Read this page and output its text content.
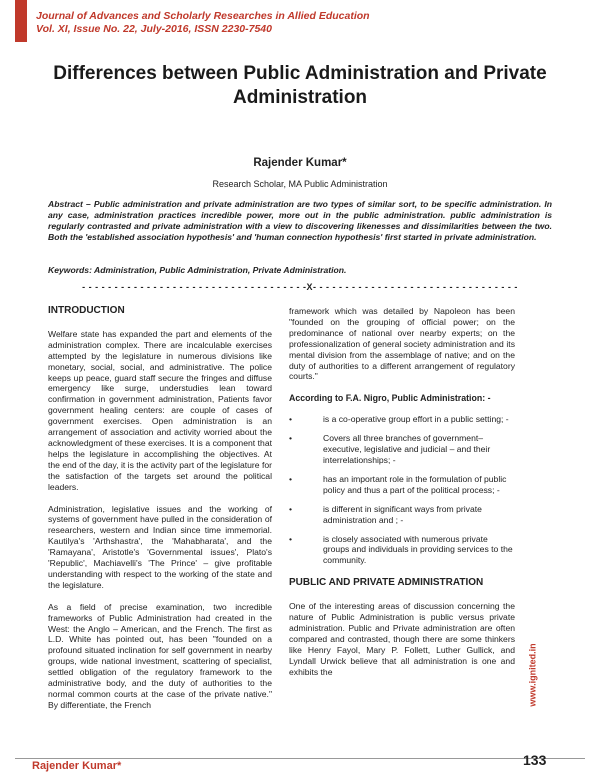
Journal of Advances and Scholarly Researches in Allied Education
Vol. XI, Issue No. 22, July-2016, ISSN 2230-7540
Differences between Public Administration and Private Administration
Rajender Kumar*
Research Scholar, MA Public Administration
Abstract – Public administration and private administration are two types of similar sort, to be specific administration. In any case, administration practices incredible power, more out in the public administration. public administration is regularly contrasted and private administration with a view to discovering likenesses and dissimilarities between the two. Both the 'established association hypothesis' and 'human connection hypothesis' first started in private administration.
Keywords: Administration, Public Administration, Private Administration.
- - - - - - - - - - - - - - - - - - - - - - - - - - - - - - - - - - -X- - - - - - - - - - - - - - - - - - - - - - - - - - - - - - - -
INTRODUCTION

Welfare state has expanded the part and elements of the administration complex. There are incalculable exercises attempted by the legislature in numerous divisions like monetary, social, social, and administrative. The police keeps up peace, guard staff secure the fringes and diffuse emergency like surge, understudies lean toward confirmation in government administration, Patients favor government healing centers: are couple of cases of government exercises. Open administration is an arrangement of association and activity worried about the acknowledgment of these exercises. It is a component that helps the legislature in accomplishing the objectives. At the end of the day, it is the activity part of the legislature for the satisfaction of the targets set around the political leaders.

Administration, legislative issues and the working of systems of government have pulled in the consideration of researchers, western and Indian since time immemorial. Kautilya's 'Arthshastra', the 'Mahabharata', and the 'Ramayana', Aristotle's 'Governmental issues', Plato's 'Republic', Machiavelli's 'The Prince' – give profitable understanding with respect to the working of the state and the legislature.

As a field of precise examination, two incredible frameworks of Public Administration had created in the West: the Anglo – American, and the French. The first as L.D. White has pointed out, has been "founded on a profound situated inclination for self government in nearby groups, wide national investment, scattering of specialist, settled obligation of the regulatory framework to the administrative body, and the duty of authorities to the normal common courts at the case of the private native." By differentiate, the French

framework which was detailed by Napoleon has been "founded on the grouping of official power; on the predominance of national over nearby experts; on the professionalization of general society administration and its mental division from the assemblage of native; and on the duty of authorities to a different arrangement of regulatory courts."

According to F.A. Nigro, Public Administration: -
•	is a co-operative group effort in a public setting; -
•	Covers all three branches of government– executive, legislative and judicial – and their interrelationships; -
•	has an important role in the formulation of public policy and thus a part of the political process; -
•	is different in significant ways from private administration and ; -
•	is closely associated with numerous private groups and individuals in providing services to the community.
PUBLIC AND PRIVATE ADMINISTRATION

One of the interesting areas of discussion concerning the nature of Public Administration is public versus private administration. Public and Private administration are often compared and contrasted, though there are some thinkers like Henry Fayol, Mary P. Follett, Luther Gullick, and Lyndall Urwick believe that all administration is one and exhibits the	www.ignited.in
Rajender Kumar*	133
